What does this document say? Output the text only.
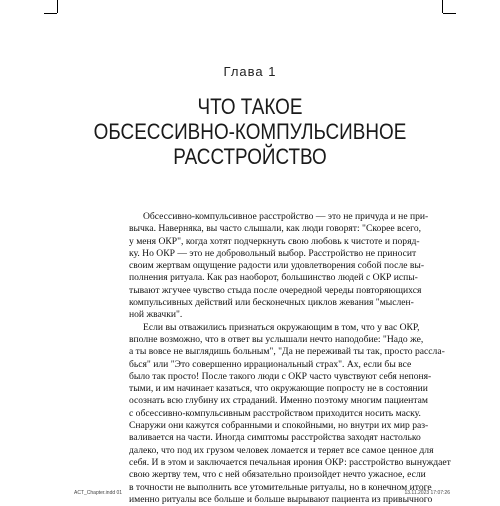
Глава 1
ЧТО ТАКОЕ
ОБСЕССИВНО-КОМПУЛЬСИВНОЕ
РАССТРОЙСТВО
Обсессивно-компульсивное расстройство — это не причуда и не при-
вычка. Наверняка, вы часто слышали, как люди говорят: "Скорее всего,
у меня ОКР", когда хотят подчеркнуть свою любовь к чистоте и поряд-
ку. Но ОКР — это не добровольный выбор. Расстройство не приносит
своим жертвам ощущение радости или удовлетворения собой после вы-
полнения ритуала. Как раз наоборот, большинство людей с ОКР испы-
тывают жгучее чувство стыда после очередной череды повторяющихся
компульсивных действий или бесконечных циклов жевания "мыслен-
ной жвачки".
Если вы отважились признаться окружающим в том, что у вас ОКР,
вполне возможно, что в ответ вы услышали нечто наподобие: "Надо же,
а ты вовсе не выглядишь больным", "Да не переживай ты так, просто рассла-
бься" или "Это совершенно иррациональный страх". Ах, если бы все
было так просто! После такого люди с ОКР часто чувствуют себя непоня-
тыми, и им начинает казаться, что окружающие попросту не в состоянии
осознать всю глубину их страданий. Именно поэтому многим пациентам
с обсессивно-компульсивным расстройством приходится носить маску.
Снаружи они кажутся собранными и спокойными, но внутри их мир раз-
валивается на части. Иногда симптомы расстройства заходят настолько
далеко, что под их грузом человек ломается и теряет все самое ценное для
себя. И в этом и заключается печальная ирония ОКР: расстройство вынуждает
свою жертву тем, что с ней обязательно произойдет нечто ужасное, если
в точности не выполнить все утомительные ритуалы, но в конечном итоге
именно ритуалы все больше и больше вырывают пациента из привычного
ACT_Chapter.indd 01	13.11.2023 17:07:26
